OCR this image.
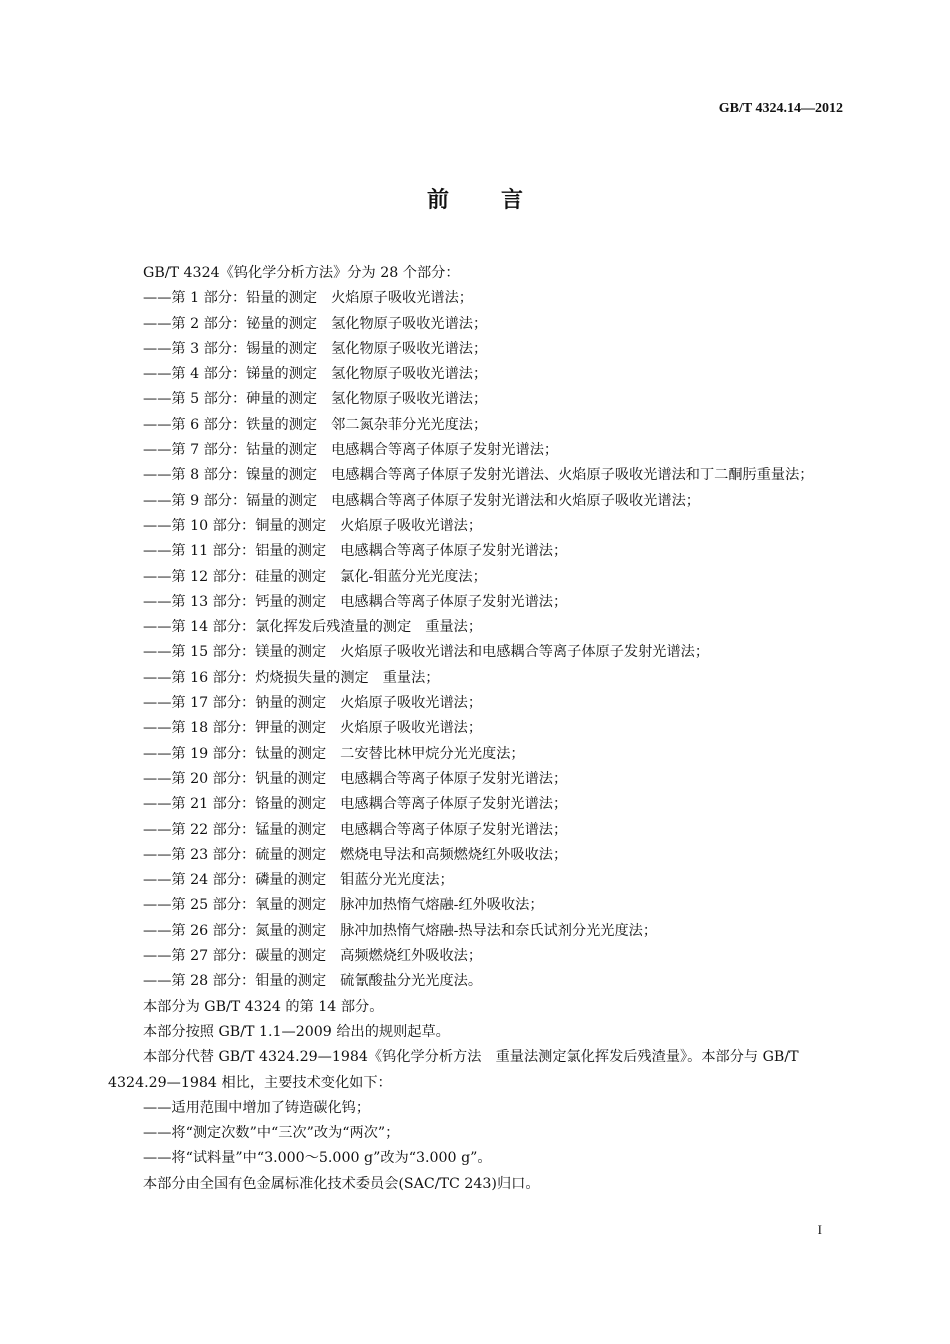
GB/T 4324.14—2012
前言

GB/T 4324《钨化学分析方法》分为 28 个部分：

——第 1 部分：铅量的测定 火焰原子吸收光谱法；

——第 2 部分：铋量的测定 氢化物原子吸收光谱法；

——第 3 部分：锡量的测定 氢化物原子吸收光谱法；

——第 4 部分：锑量的测定 氢化物原子吸收光谱法；

——第 5 部分：砷量的测定 氢化物原子吸收光谱法；

——第 6 部分：铁量的测定 邻二氮杂菲分光光度法；

——第 7 部分：钴量的测定 电感耦合等离子体原子发射光谱法；

——第 8 部分：镍量的测定 电感耦合等离子体原子发射光谱法、火焰原子吸收光谱法和丁二酮肟重量法；

——第 9 部分：镉量的测定 电感耦合等离子体原子发射光谱法和火焰原子吸收光谱法；

——第 10 部分：铜量的测定 火焰原子吸收光谱法；

——第 11 部分：铝量的测定 电感耦合等离子体原子发射光谱法；

——第 12 部分：硅量的测定 氯化-钼蓝分光光度法；

——第 13 部分：钙量的测定 电感耦合等离子体原子发射光谱法；

——第 14 部分：氯化挥发后残渣量的测定 重量法；

——第 15 部分：镁量的测定 火焰原子吸收光谱法和电感耦合等离子体原子发射光谱法；

——第 16 部分：灼烧损失量的测定 重量法；

——第 17 部分：钠量的测定 火焰原子吸收光谱法；

——第 18 部分：钾量的测定 火焰原子吸收光谱法；

——第 19 部分：钛量的测定 二安替比林甲烷分光光度法；

——第 20 部分：钒量的测定 电感耦合等离子体原子发射光谱法；

——第 21 部分：铬量的测定 电感耦合等离子体原子发射光谱法；

——第 22 部分：锰量的测定 电感耦合等离子体原子发射光谱法；

——第 23 部分：硫量的测定 燃烧电导法和高频燃烧红外吸收法；

——第 24 部分：磷量的测定 钼蓝分光光度法；

——第 25 部分：氧量的测定 脉冲加热惰气熔融-红外吸收法；

——第 26 部分：氮量的测定 脉冲加热惰气熔融-热导法和奈氏试剂分光光度法；

——第 27 部分：碳量的测定 高频燃烧红外吸收法；

——第 28 部分：钼量的测定 硫氰酸盐分光光度法。

本部分为 GB/T 4324 的第 14 部分。

本部分按照 GB/T 1.1—2009 给出的规则起草。

本部分代替 GB/T 4324.29—1984《钨化学分析方法　重量法测定氯化挥发后残渣量》。本部分与 GB/T 4324.29—1984 相比，主要技术变化如下：

——适用范围中增加了铸造碳化钨；

——将“测定次数”中“三次”改为“两次”；

——将“试料量”中“3.000～5.000 g”改为“3.000 g”。

本部分由全国有色金属标准化技术委员会(SAC/TC 243)归口。

I
